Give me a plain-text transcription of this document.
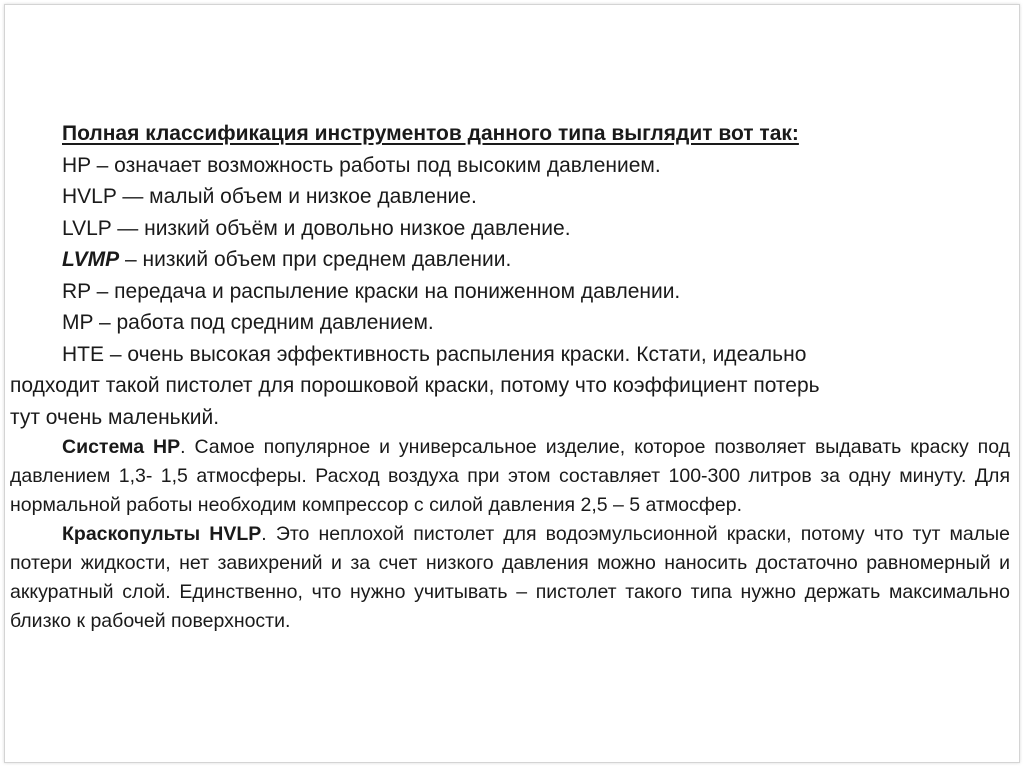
Полная классификация инструментов данного типа выглядит вот так:
HP – означает возможность работы под высоким давлением.
HVLP — малый объем и низкое давление.
LVLP — низкий объём и довольно низкое давление.
LVMP – низкий объем при среднем давлении.
RP – передача и распыление краски на пониженном давлении.
MP – работа под средним давлением.
HTE – очень высокая эффективность распыления краски. Кстати, идеально
подходит такой пистолет для порошковой краски, потому что коэффициент потерь
тут очень маленький.

Система HP. Самое популярное и универсальное изделие, которое позволяет выдавать краску под давлением 1,3- 1,5 атмосферы. Расход воздуха при этом составляет 100-300 литров за одну минуту. Для нормальной работы необходим компрессор с силой давления 2,5 – 5 атмосфер.

Краскопульты HVLP. Это неплохой пистолет для водоэмульсионной краски, потому что тут малые потери жидкости, нет завихрений и за счет низкого давления можно наносить достаточно равномерный и аккуратный слой. Единственно, что нужно учитывать – пистолет такого типа нужно держать максимально близко к рабочей поверхности.
